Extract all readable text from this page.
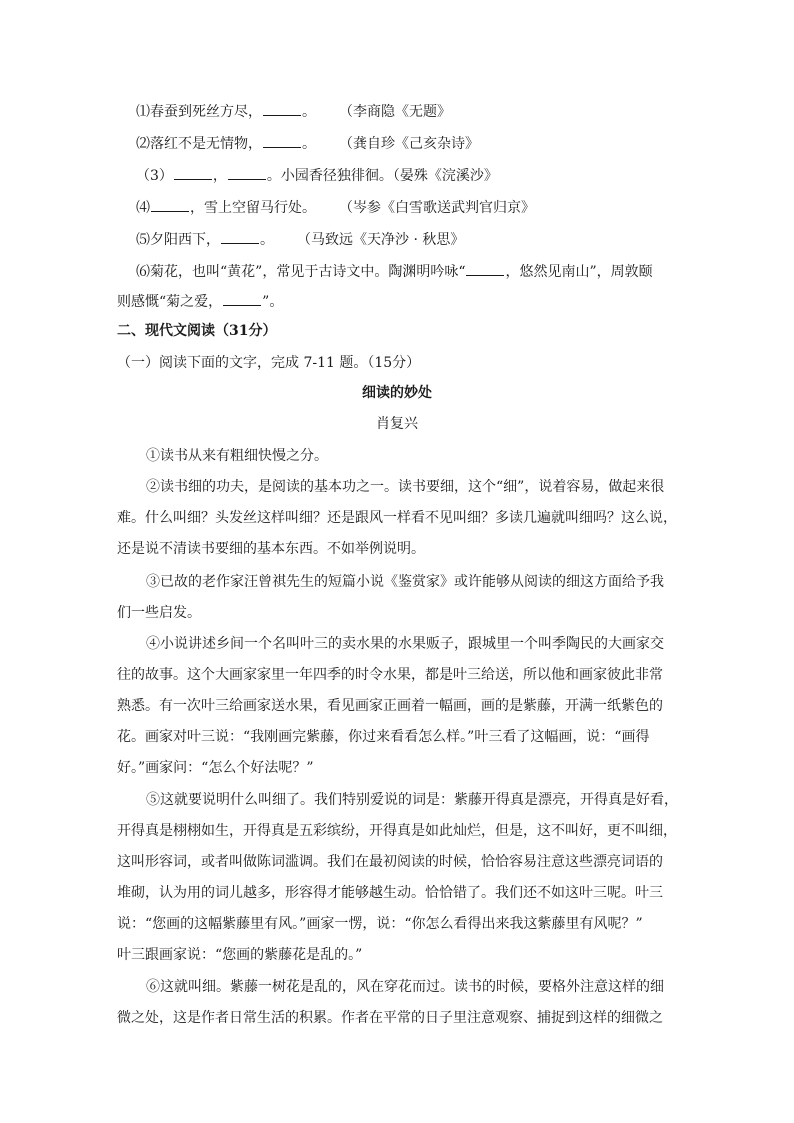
⑴春蚕到死丝方尽，	。 （李商隐《无题》
⑵落红不是无情物，	。 （龚自珍《己亥杂诗》
（3）	，	。小园香径独徘徊。（晏殊《浣溪沙》
⑷	，雪上空留马行处。 （岑参《白雪歌送武判官归京》
⑸夕阳西下，	。 （马致远《天净沙 · 秋思》
⑹菊花，也叫“黄花”，常见于古诗文中。陶渊明吟咏“	，悠然见南山”，周敦颐
则感慨“菊之爱，	”。
二、现代文阅读（31分）
（一）阅读下面的文字，完成 7-11 题。（15分）
细读的妙处
肖复兴
①读书从来有粗细快慢之分。
②读书细的功夫，是阅读的基本功之一。读书要细，这个“细”，说着容易，做起来很
难。什么叫细？头发丝这样叫细？还是跟风一样看不见叫细？多读几遍就叫细吗？这么说，
还是说不清读书要细的基本东西。不如举例说明。
③已故的老作家汪曾祺先生的短篇小说《鉴赏家》或许能够从阅读的细这方面给予我
们一些启发。
④小说讲述乡间一个名叫叶三的卖水果的水果贩子，跟城里一个叫季陶民的大画家交
往的故事。这个大画家家里一年四季的时令水果，都是叶三给送，所以他和画家彼此非常
熟悉。有一次叶三给画家送水果，看见画家正画着一幅画，画的是紫藤，开满一纸紫色的
花。画家对叶三说：“我刚画完紫藤，你过来看看怎么样。”叶三看了这幅画，说：“画得
好。”画家问：“怎么个好法呢？”
⑤这就要说明什么叫细了。我们特别爱说的词是：紫藤开得真是漂亮，开得真是好看，
开得真是栩栩如生，开得真是五彩缤纷，开得真是如此灿烂，但是，这不叫好，更不叫细，
这叫形容词，或者叫做陈词滥调。我们在最初阅读的时候，恰恰容易注意这些漂亮词语的
堆砌，认为用的词儿越多，形容得才能够越生动。恰恰错了。我们还不如这叶三呢。叶三
说：“您画的这幅紫藤里有风。”画家一愣，说：“你怎么看得出来我这紫藤里有风呢？”
叶三跟画家说：“您画的紫藤花是乱的。”
⑥这就叫细。紫藤一树花是乱的，风在穿花而过。读书的时候，要格外注意这样的细
微之处，这是作者日常生活的积累。作者在平常的日子里注意观察、捕捉到这样的细微之
